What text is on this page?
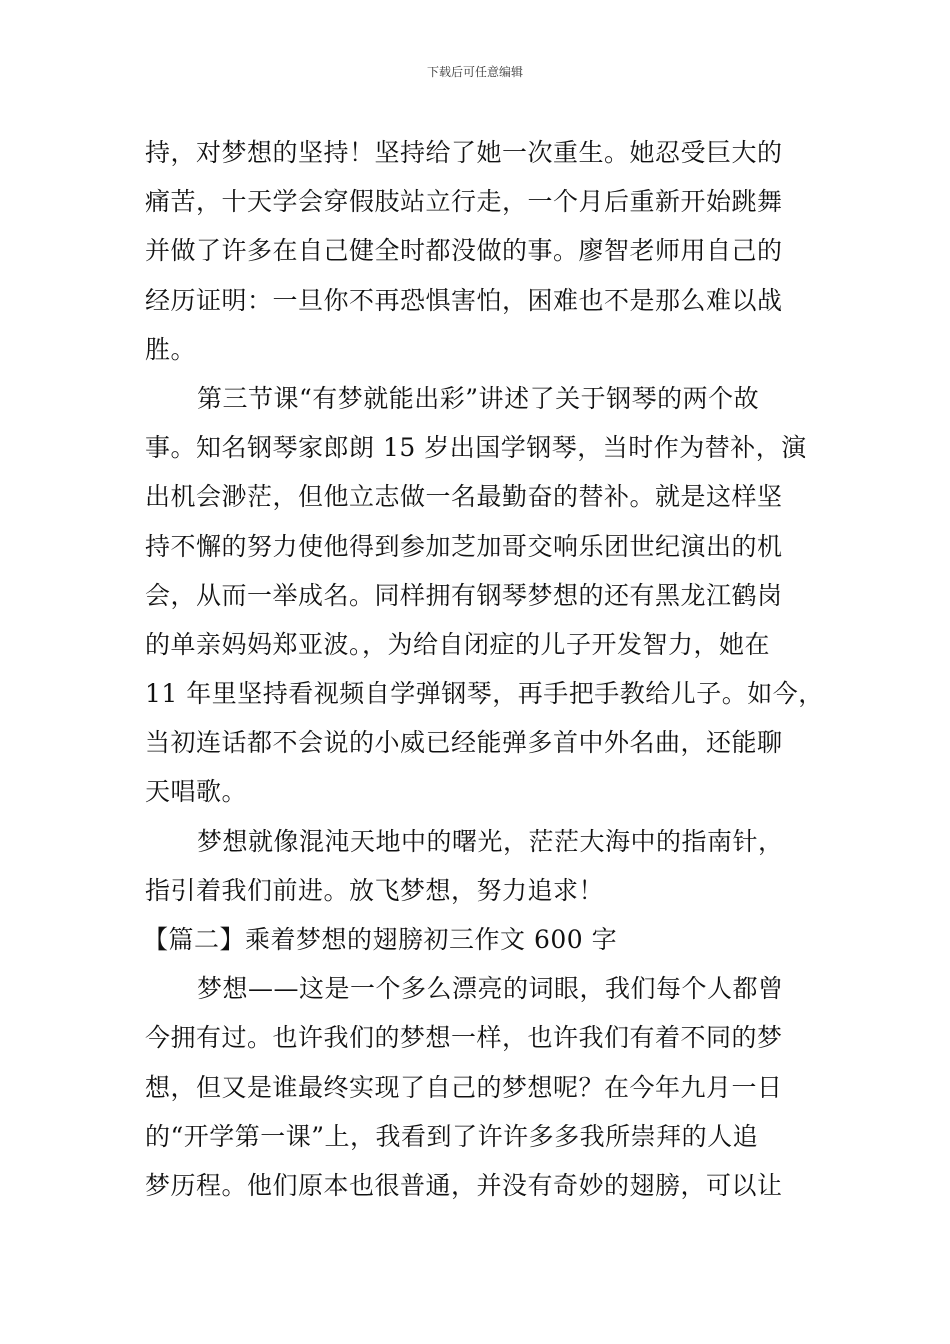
下载后可任意编辑
持，对梦想的坚持！坚持给了她一次重生。她忍受巨大的
痛苦，十天学会穿假肢站立行走，一个月后重新开始跳舞
并做了许多在自己健全时都没做的事。廖智老师用自己的
经历证明：一旦你不再恐惧害怕，困难也不是那么难以战
胜。
第三节课“有梦就能出彩”讲述了关于钢琴的两个故
事。知名钢琴家郎朗 15 岁出国学钢琴，当时作为替补，演
出机会渺茫，但他立志做一名最勤奋的替补。就是这样坚
持不懈的努力使他得到参加芝加哥交响乐团世纪演出的机
会，从而一举成名。同样拥有钢琴梦想的还有黑龙江鹤岗
的单亲妈妈郑亚波。，为给自闭症的儿子开发智力，她在
11 年里坚持看视频自学弹钢琴，再手把手教给儿子。如今，
当初连话都不会说的小威已经能弹多首中外名曲，还能聊
天唱歌。
梦想就像混沌天地中的曙光，茫茫大海中的指南针，
指引着我们前进。放飞梦想，努力追求！
【篇二】乘着梦想的翅膀初三作文 600 字
梦想——这是一个多么漂亮的词眼，我们每个人都曾
今拥有过。也许我们的梦想一样，也许我们有着不同的梦
想，但又是谁最终实现了自己的梦想呢？在今年九月一日
的“开学第一课”上，我看到了许许多多我所崇拜的人追
梦历程。他们原本也很普通，并没有奇妙的翅膀，可以让
